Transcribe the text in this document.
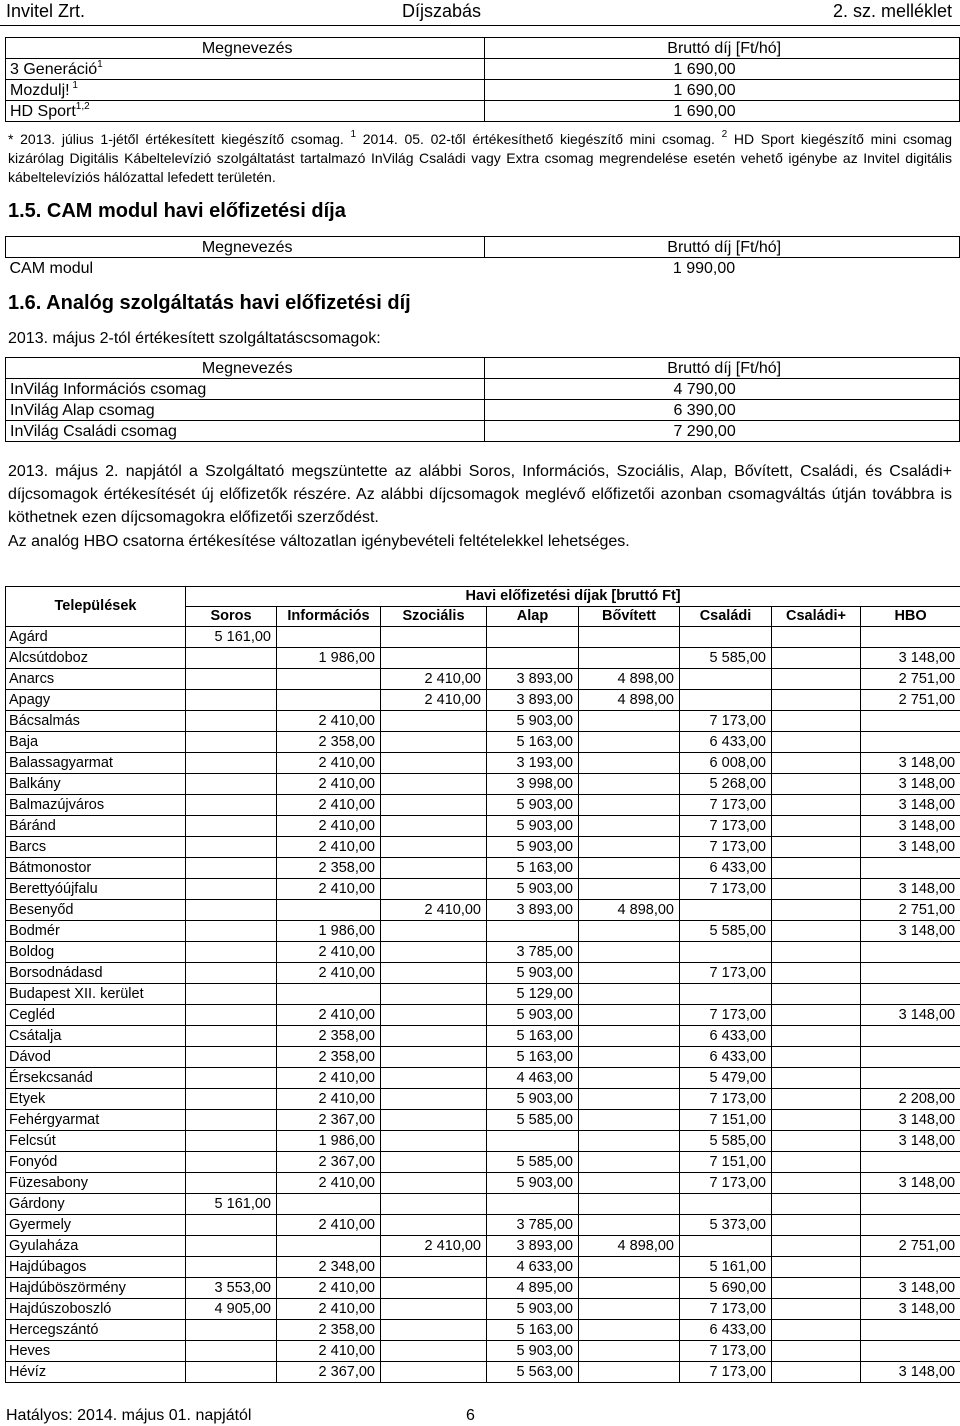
Invitel Zrt.	Díjszabás	2. sz. melléklet
Megnevezés	Bruttó díj [Ft/hó]
3 Generáció$^1$	1 690,00
Mozdulj! $^1$	1 690,00
HD Sport$^{1,2}$	1 690,00
* 2013. július 1-jétől értékesített kiegészítő csomag. $^1$ 2014. 05. 02-től értékesíthető kiegészítő mini csomag. $^2$ HD Sport kiegészítő mini csomag kizárólag Digitális Kábeltelevízió szolgáltatást tartalmazó InVilág Családi vagy Extra csomag megrendelése esetén vehető igénybe az Invitel digitális kábeltelevíziós hálózattal lefedett területén.
1.5. CAM modul havi előfizetési díja
Megnevezés	Bruttó díj [Ft/hó]
CAM modul	1 990,00
1.6. Analóg szolgáltatás havi előfizetési díj
2013. május 2-tól értékesített szolgáltatáscsomagok:
Megnevezés	Bruttó díj [Ft/hó]
InVilág Információs csomag	4 790,00
InVilág Alap csomag	6 390,00
InVilág Családi csomag	7 290,00
2013. május 2. napjától a Szolgáltató megszüntette az alábbi Soros, Információs, Szociális, Alap, Bővített, Családi, és Családi+ díjcsomagok értékesítését új előfizetők részére. Az alábbi díjcsomagok meglévő előfizetői azonban csomagváltás útján továbbra is köthetnek ezen díjcsomagokra előfizetői szerződést.
Az analóg HBO csatorna értékesítése változatlan igénybevételi feltételekkel lehetséges.
Települések	Havi előfizetési díjak [bruttó Ft]							
	Soros	Információs	Szociális	Alap	Bővített	Családi	Családi+	HBO
Agárd	5 161,00							
Alcsútdoboz		1 986,00				5 585,00		3 148,00
Anarcs			2 410,00	3 893,00	4 898,00			2 751,00
Apagy			2 410,00	3 893,00	4 898,00			2 751,00
Bácsalmás		2 410,00		5 903,00		7 173,00		
Baja		2 358,00		5 163,00		6 433,00		
Balassagyarmat		2 410,00		3 193,00		6 008,00		3 148,00
Balkány		2 410,00		3 998,00		5 268,00		3 148,00
Balmazújváros		2 410,00		5 903,00		7 173,00		3 148,00
Báránd		2 410,00		5 903,00		7 173,00		3 148,00
Barcs		2 410,00		5 903,00		7 173,00		3 148,00
Bátmonostor		2 358,00		5 163,00		6 433,00		
Berettyóújfalu		2 410,00		5 903,00		7 173,00		3 148,00
Besenyőd			2 410,00	3 893,00	4 898,00			2 751,00
Bodmér		1 986,00				5 585,00		3 148,00
Boldog		2 410,00		3 785,00				
Borsodnádasd		2 410,00		5 903,00		7 173,00		
Budapest XII. kerület				5 129,00				
Cegléd		2 410,00		5 903,00		7 173,00		3 148,00
Csátalja		2 358,00		5 163,00		6 433,00		
Dávod		2 358,00		5 163,00		6 433,00		
Érsekcsanád		2 410,00		4 463,00		5 479,00		
Etyek		2 410,00		5 903,00		7 173,00		2 208,00
Fehérgyarmat		2 367,00		5 585,00		7 151,00		3 148,00
Felcsút		1 986,00				5 585,00		3 148,00
Fonyód		2 367,00		5 585,00		7 151,00		
Füzesabony		2 410,00		5 903,00		7 173,00		3 148,00
Gárdony	5 161,00							
Gyermely		2 410,00		3 785,00		5 373,00		
Gyulaháza			2 410,00	3 893,00	4 898,00			2 751,00
Hajdúbagos		2 348,00		4 633,00		5 161,00		
Hajdúböszörmény	3 553,00	2 410,00		4 895,00		5 690,00		3 148,00
Hajdúszoboszló	4 905,00	2 410,00		5 903,00		7 173,00		3 148,00
Hercegszántó		2 358,00		5 163,00		6 433,00		
Heves		2 410,00		5 903,00		7 173,00		
Hévíz		2 367,00		5 563,00		7 173,00		3 148,00
Hatályos: 2014. május 01. napjától	6
